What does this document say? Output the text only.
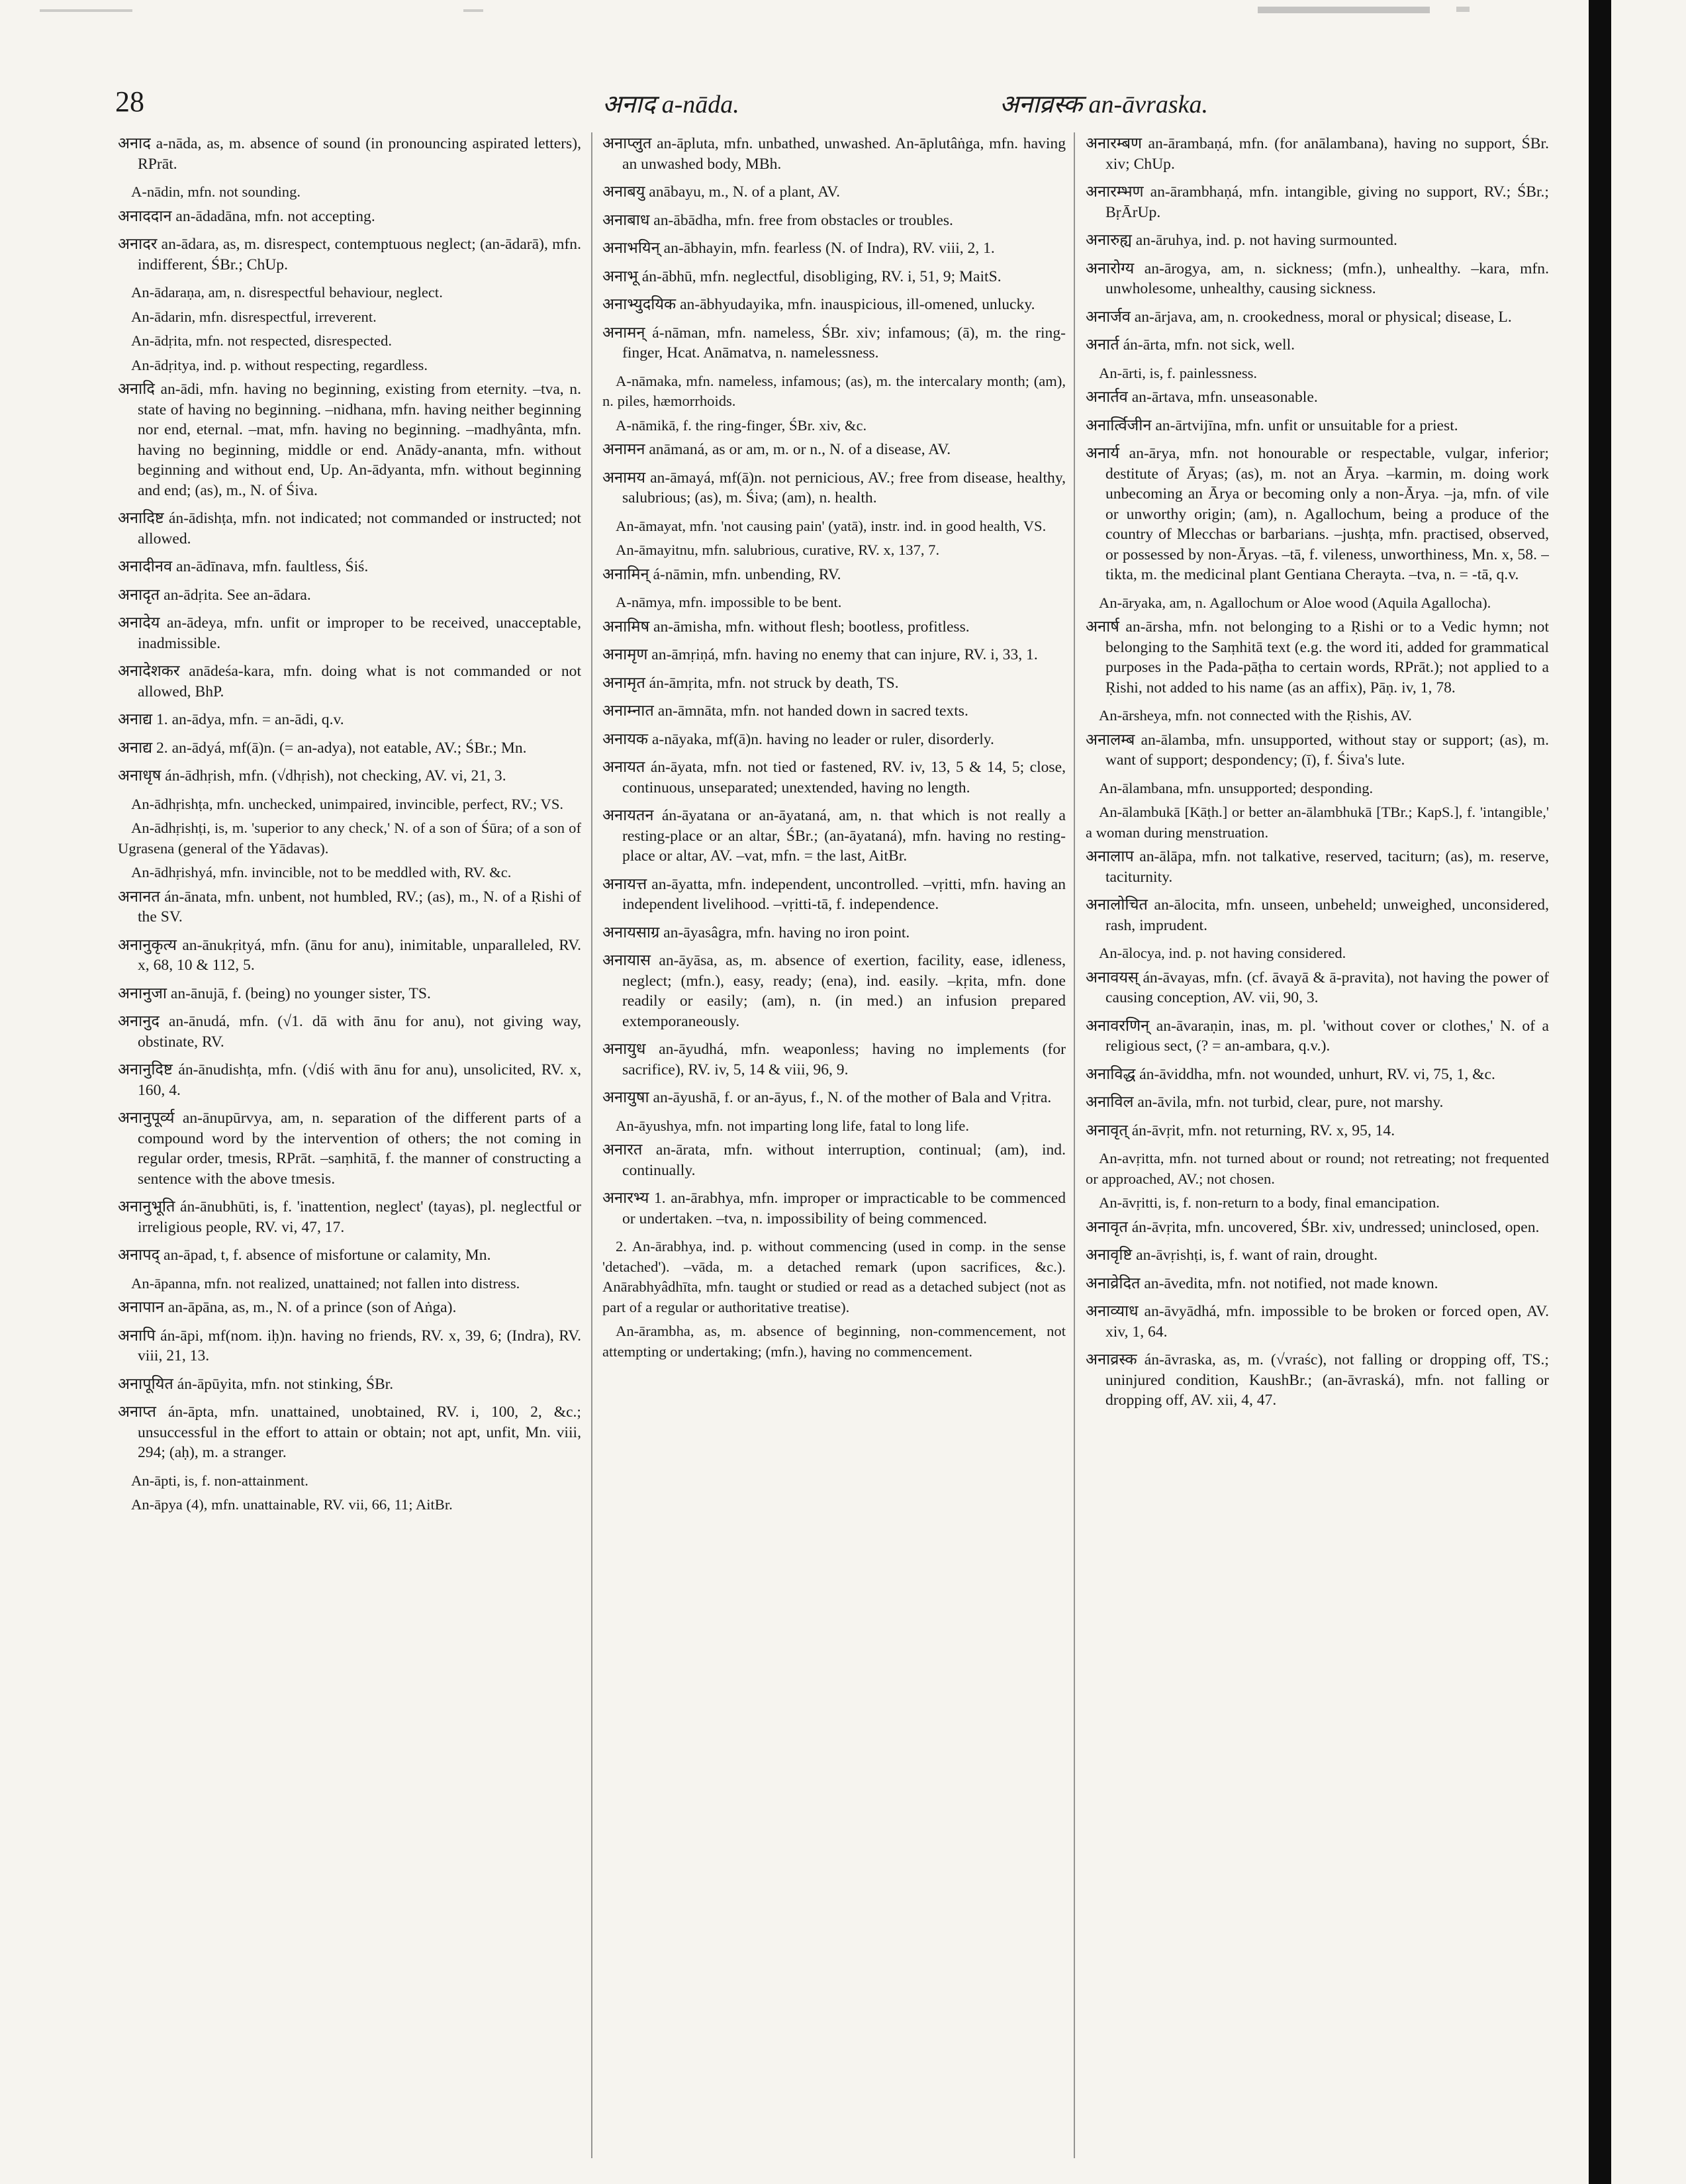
28	अनाद a-nāda.	अनाव्रस्क an-āvraska.

अनाद a-nāda, as, m. absence of sound (in pronouncing aspirated letters), RPrāt.

A-nādin, mfn. not sounding.

अनाददान an-ādadāna, mfn. not accepting.

अनादर an-ādara, as, m. disrespect, contemptuous neglect; (an-ādarā), mfn. indifferent, ŚBr.; ChUp.

An-ādaraṇa, am, n. disrespectful behaviour, neglect.

An-ādarin, mfn. disrespectful, irreverent.

An-ādṛita, mfn. not respected, disrespected.

An-ādṛitya, ind. p. without respecting, regardless.

अनादि an-ādi, mfn. having no beginning, existing from eternity. –tva, n. state of having no beginning. –nidhana, mfn. having neither beginning nor end, eternal. –mat, mfn. having no beginning. –madhyânta, mfn. having no beginning, middle or end. Anādy-ananta, mfn. without beginning and without end, Up. An-ādyanta, mfn. without beginning and end; (as), m., N. of Śiva.

अनादिष्ट án-ādishṭa, mfn. not indicated; not commanded or instructed; not allowed.

अनादीनव an-ādīnava, mfn. faultless, Śiś.

अनादृत an-ādṛita. See an-ādara.

अनादेय an-ādeya, mfn. unfit or improper to be received, unacceptable, inadmissible.

अनादेशकर anādeśa-kara, mfn. doing what is not commanded or not allowed, BhP.

अनाद्य 1. an-ādya, mfn. = an-ādi, q.v.

अनाद्य 2. an-ādyá, mf(ā)n. (= an-adya), not eatable, AV.; ŚBr.; Mn.

अनाधृष án-ādhṛish, mfn. (√dhṛish), not checking, AV. vi, 21, 3.

An-ādhṛishṭa, mfn. unchecked, unimpaired, invincible, perfect, RV.; VS.

An-ādhṛishṭi, is, m. 'superior to any check,' N. of a son of Śūra; of a son of Ugrasena (general of the Yādavas).

An-ādhṛishyá, mfn. invincible, not to be meddled with, RV. &c.

अनानत án-ānata, mfn. unbent, not humbled, RV.; (as), m., N. of a Ṛishi of the SV.

अनानुकृत्य an-ānukṛityá, mfn. (ānu for anu), inimitable, unparalleled, RV. x, 68, 10 & 112, 5.

अनानुजा an-ānujā, f. (being) no younger sister, TS.

अनानुद an-ānudá, mfn. (√1. dā with ānu for anu), not giving way, obstinate, RV.

अनानुदिष्ट án-ānudishṭa, mfn. (√diś with ānu for anu), unsolicited, RV. x, 160, 4.

अनानुपूर्व्य an-ānupūrvya, am, n. separation of the different parts of a compound word by the intervention of others; the not coming in regular order, tmesis, RPrāt. –saṃhitā, f. the manner of constructing a sentence with the above tmesis.

अनानुभूति án-ānubhūti, is, f. 'inattention, neglect' (tayas), pl. neglectful or irreligious people, RV. vi, 47, 17.

अनापद् an-āpad, t, f. absence of misfortune or calamity, Mn.

An-āpanna, mfn. not realized, unattained; not fallen into distress.

अनापान an-āpāna, as, m., N. of a prince (son of Aṅga).

अनापि án-āpi, mf(nom. iḥ)n. having no friends, RV. x, 39, 6; (Indra), RV. viii, 21, 13.

अनापूयित án-āpūyita, mfn. not stinking, ŚBr.

अनाप्त án-āpta, mfn. unattained, unobtained, RV. i, 100, 2, &c.; unsuccessful in the effort to attain or obtain; not apt, unfit, Mn. viii, 294; (aḥ), m. a stranger.

An-āpti, is, f. non-attainment.

An-āpya (4), mfn. unattainable, RV. vii, 66, 11; AitBr.

अनाप्लुत an-āpluta, mfn. unbathed, unwashed. An-āplutâṅga, mfn. having an unwashed body, MBh.

अनाबयु anābayu, m., N. of a plant, AV.

अनाबाध an-ābādha, mfn. free from obstacles or troubles.

अनाभयिन् an-ābhayin, mfn. fearless (N. of Indra), RV. viii, 2, 1.

अनाभू án-ābhū, mfn. neglectful, disobliging, RV. i, 51, 9; MaitS.

अनाभ्युदयिक an-ābhyudayika, mfn. inauspicious, ill-omened, unlucky.

अनामन् á-nāman, mfn. nameless, ŚBr. xiv; infamous; (ā), m. the ring-finger, Hcat. Anāmatva, n. namelessness.

A-nāmaka, mfn. nameless, infamous; (as), m. the intercalary month; (am), n. piles, hæmorrhoids.

A-nāmikā, f. the ring-finger, ŚBr. xiv, &c.

अनामन anāmaná, as or am, m. or n., N. of a disease, AV.

अनामय an-āmayá, mf(ā)n. not pernicious, AV.; free from disease, healthy, salubrious; (as), m. Śiva; (am), n. health.

An-āmayat, mfn. 'not causing pain' (yatā), instr. ind. in good health, VS.

An-āmayitnu, mfn. salubrious, curative, RV. x, 137, 7.

अनामिन् á-nāmin, mfn. unbending, RV.

A-nāmya, mfn. impossible to be bent.

अनामिष an-āmisha, mfn. without flesh; bootless, profitless.

अनामृण an-āmṛiṇá, mfn. having no enemy that can injure, RV. i, 33, 1.

अनामृत án-āmṛita, mfn. not struck by death, TS.

अनाम्नात an-āmnāta, mfn. not handed down in sacred texts.

अनायक a-nāyaka, mf(ā)n. having no leader or ruler, disorderly.

अनायत án-āyata, mfn. not tied or fastened, RV. iv, 13, 5 & 14, 5; close, continuous, unseparated; unextended, having no length.

अनायतन án-āyatana or an-āyataná, am, n. that which is not really a resting-place or an altar, ŚBr.; (an-āyataná), mfn. having no resting-place or altar, AV. –vat, mfn. = the last, AitBr.

अनायत्त an-āyatta, mfn. independent, uncontrolled. –vṛitti, mfn. having an independent livelihood. –vṛitti-tā, f. independence.

अनायसाग्र an-āyasâgra, mfn. having no iron point.

अनायास an-āyāsa, as, m. absence of exertion, facility, ease, idleness, neglect; (mfn.), easy, ready; (ena), ind. easily. –kṛita, mfn. done readily or easily; (am), n. (in med.) an infusion prepared extemporaneously.

अनायुध an-āyudhá, mfn. weaponless; having no implements (for sacrifice), RV. iv, 5, 14 & viii, 96, 9.

अनायुषा an-āyushā, f. or an-āyus, f., N. of the mother of Bala and Vṛitra.

An-āyushya, mfn. not imparting long life, fatal to long life.

अनारत an-ārata, mfn. without interruption, continual; (am), ind. continually.

अनारभ्य 1. an-ārabhya, mfn. improper or impracticable to be commenced or undertaken. –tva, n. impossibility of being commenced.

2. An-ārabhya, ind. p. without commencing (used in comp. in the sense 'detached'). –vāda, m. a detached remark (upon sacrifices, &c.). Anārabhyâdhīta, mfn. taught or studied or read as a detached subject (not as part of a regular or authoritative treatise).

An-ārambha, as, m. absence of beginning, non-commencement, not attempting or undertaking; (mfn.), having no commencement.

अनारम्बण an-ārambaṇá, mfn. (for anālambana), having no support, ŚBr. xiv; ChUp.

अनारम्भण an-ārambhaṇá, mfn. intangible, giving no support, RV.; ŚBr.; BṛĀrUp.

अनारुह्य an-āruhya, ind. p. not having surmounted.

अनारोग्य an-ārogya, am, n. sickness; (mfn.), unhealthy. –kara, mfn. unwholesome, unhealthy, causing sickness.

अनार्जव an-ārjava, am, n. crookedness, moral or physical; disease, L.

अनार्त án-ārta, mfn. not sick, well.

An-ārti, is, f. painlessness.

अनार्तव an-ārtava, mfn. unseasonable.

अनार्त्विजीन an-ārtvijīna, mfn. unfit or unsuitable for a priest.

अनार्य an-ārya, mfn. not honourable or respectable, vulgar, inferior; destitute of Āryas; (as), m. not an Ārya. –karmin, m. doing work unbecoming an Ārya or becoming only a non-Ārya. –ja, mfn. of vile or unworthy origin; (am), n. Agallochum, being a produce of the country of Mlecchas or barbarians. –jushṭa, mfn. practised, observed, or possessed by non-Āryas. –tā, f. vileness, unworthiness, Mn. x, 58. –tikta, m. the medicinal plant Gentiana Cherayta. –tva, n. = -tā, q.v.

An-āryaka, am, n. Agallochum or Aloe wood (Aquila Agallocha).

अनार्ष an-ārsha, mfn. not belonging to a Ṛishi or to a Vedic hymn; not belonging to the Saṃhitā text (e.g. the word iti, added for grammatical purposes in the Pada-pāṭha to certain words, RPrāt.); not applied to a Ṛishi, not added to his name (as an affix), Pāṇ. iv, 1, 78.

An-ārsheya, mfn. not connected with the Ṛishis, AV.

अनालम्ब an-ālamba, mfn. unsupported, without stay or support; (as), m. want of support; despondency; (ī), f. Śiva's lute.

An-ālambana, mfn. unsupported; desponding.

An-ālambukā [Kāṭh.] or better an-ālambhukā [TBr.; KapS.], f. 'intangible,' a woman during menstruation.

अनालाप an-ālāpa, mfn. not talkative, reserved, taciturn; (as), m. reserve, taciturnity.

अनालोचित an-ālocita, mfn. unseen, unbeheld; unweighed, unconsidered, rash, imprudent.

An-ālocya, ind. p. not having considered.

अनावयस् án-āvayas, mfn. (cf. āvayā & ā-pravita), not having the power of causing conception, AV. vii, 90, 3.

अनावरणिन् an-āvaraṇin, inas, m. pl. 'without cover or clothes,' N. of a religious sect, (? = an-ambara, q.v.).

अनाविद्ध án-āviddha, mfn. not wounded, unhurt, RV. vi, 75, 1, &c.

अनाविल an-āvila, mfn. not turbid, clear, pure, not marshy.

अनावृत् án-āvṛit, mfn. not returning, RV. x, 95, 14.

An-avṛitta, mfn. not turned about or round; not retreating; not frequented or approached, AV.; not chosen.

An-āvṛitti, is, f. non-return to a body, final emancipation.

अनावृत án-āvṛita, mfn. uncovered, ŚBr. xiv, undressed; uninclosed, open.

अनावृष्टि an-āvṛishṭi, is, f. want of rain, drought.

अनाव्रेदित an-āvedita, mfn. not notified, not made known.

अनाव्याध an-āvyādhá, mfn. impossible to be broken or forced open, AV. xiv, 1, 64.

अनाव्रस्क án-āvraska, as, m. (√vraśc), not falling or dropping off, TS.; uninjured condition, KaushBr.; (an-āvraská), mfn. not falling or dropping off, AV. xii, 4, 47.
